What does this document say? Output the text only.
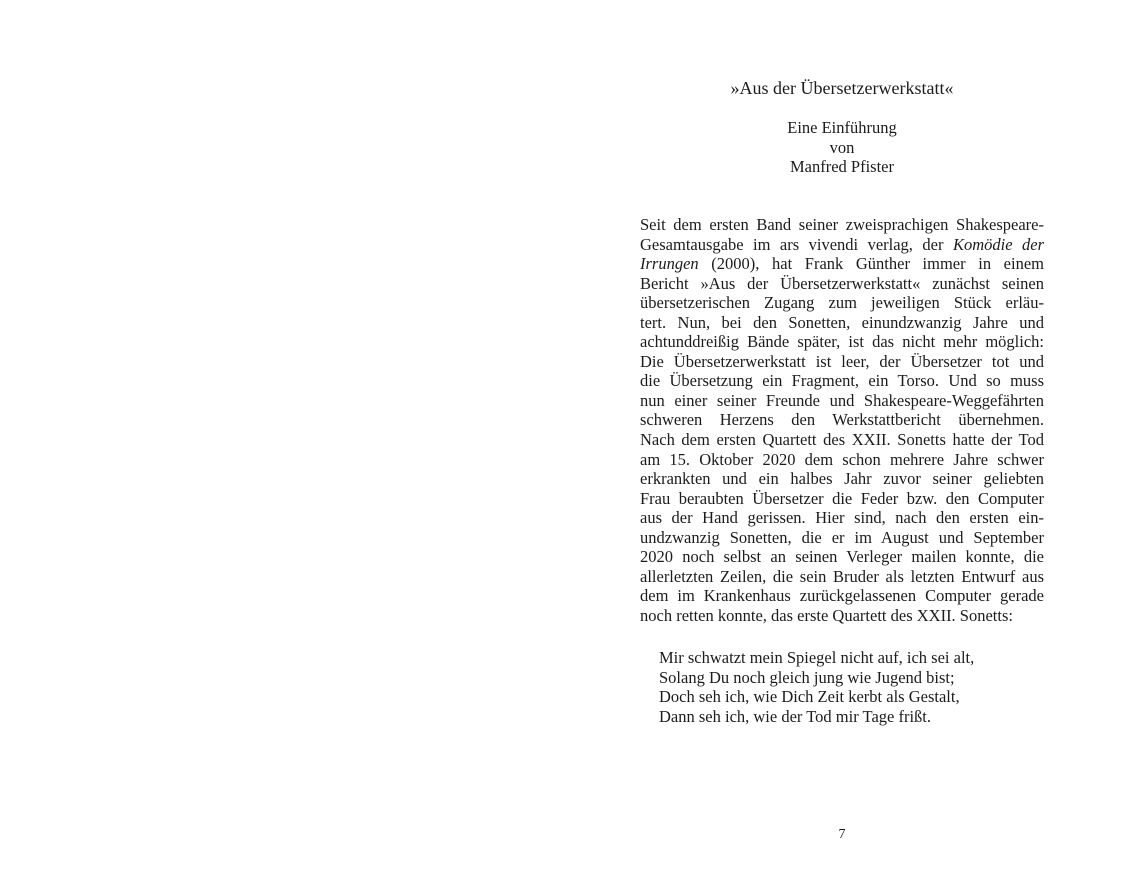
»Aus der Übersetzerwerkstatt«
Eine Einführung
von
Manfred Pfister
Seit dem ersten Band seiner zweisprachigen Shakespeare-
Gesamtausgabe im ars vivendi verlag, der Komödie der
Irrungen (2000), hat Frank Günther immer in einem
Bericht »Aus der Übersetzerwerkstatt« zunächst seinen
übersetzerischen Zugang zum jeweiligen Stück erläu-
tert. Nun, bei den Sonetten, einundzwanzig Jahre und
achtunddreißig Bände später, ist das nicht mehr möglich:
Die Übersetzerwerkstatt ist leer, der Übersetzer tot und
die Übersetzung ein Fragment, ein Torso. Und so muss
nun einer seiner Freunde und Shakespeare-Weggefährten
schweren Herzens den Werkstattbericht übernehmen.
Nach dem ersten Quartett des XXII. Sonetts hatte der Tod
am 15. Oktober 2020 dem schon mehrere Jahre schwer
erkrankten und ein halbes Jahr zuvor seiner geliebten
Frau beraubten Übersetzer die Feder bzw. den Computer
aus der Hand gerissen. Hier sind, nach den ersten ein-
undzwanzig Sonetten, die er im August und September
2020 noch selbst an seinen Verleger mailen konnte, die
allerletzten Zeilen, die sein Bruder als letzten Entwurf aus
dem im Krankenhaus zurückgelassenen Computer gerade
noch retten konnte, das erste Quartett des XXII. Sonetts:
Mir schwatzt mein Spiegel nicht auf, ich sei alt,
Solang Du noch gleich jung wie Jugend bist;
Doch seh ich, wie Dich Zeit kerbt als Gestalt,
Dann seh ich, wie der Tod mir Tage frißt.
7
